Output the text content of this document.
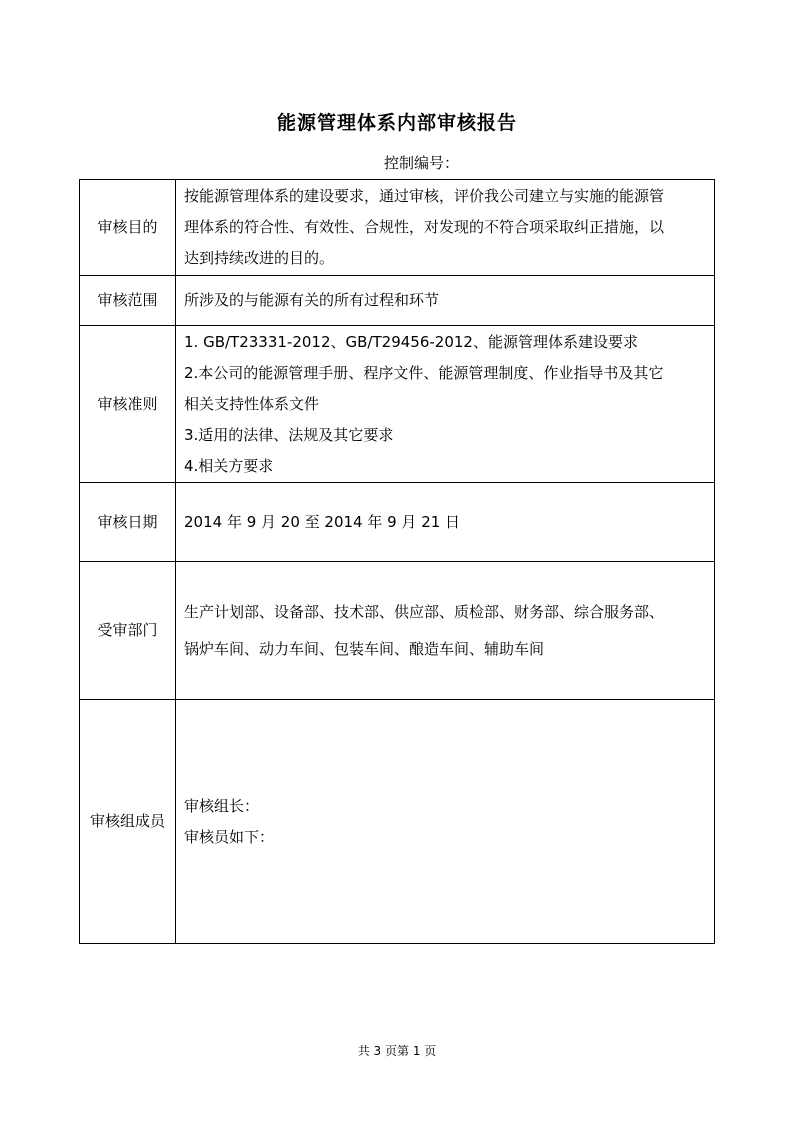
能源管理体系内部审核报告
控制编号：
审核目的	按能源管理体系的建设要求，通过审核，评价我公司建立与实施的能源管
理体系的符合性、有效性、合规性，对发现的不符合项采取纠正措施，以
达到持续改进的目的。

审核范围	所涉及的与能源有关的所有过程和环节

审核准则	1. GB/T23331-2012、GB/T29456-2012、能源管理体系建设要求
2.本公司的能源管理手册、程序文件、能源管理制度、作业指导书及其它
相关支持性体系文件
3.适用的法律、法规及其它要求
4.相关方要求

审核日期	2014 年 9 月 20 至 2014 年 9 月 21 日

受审部门	生产计划部、设备部、技术部、供应部、质检部、财务部、综合服务部、
锅炉车间、动力车间、包装车间、酿造车间、辅助车间

审核组成员	审核组长：
审核员如下：
共 3 页第 1 页
